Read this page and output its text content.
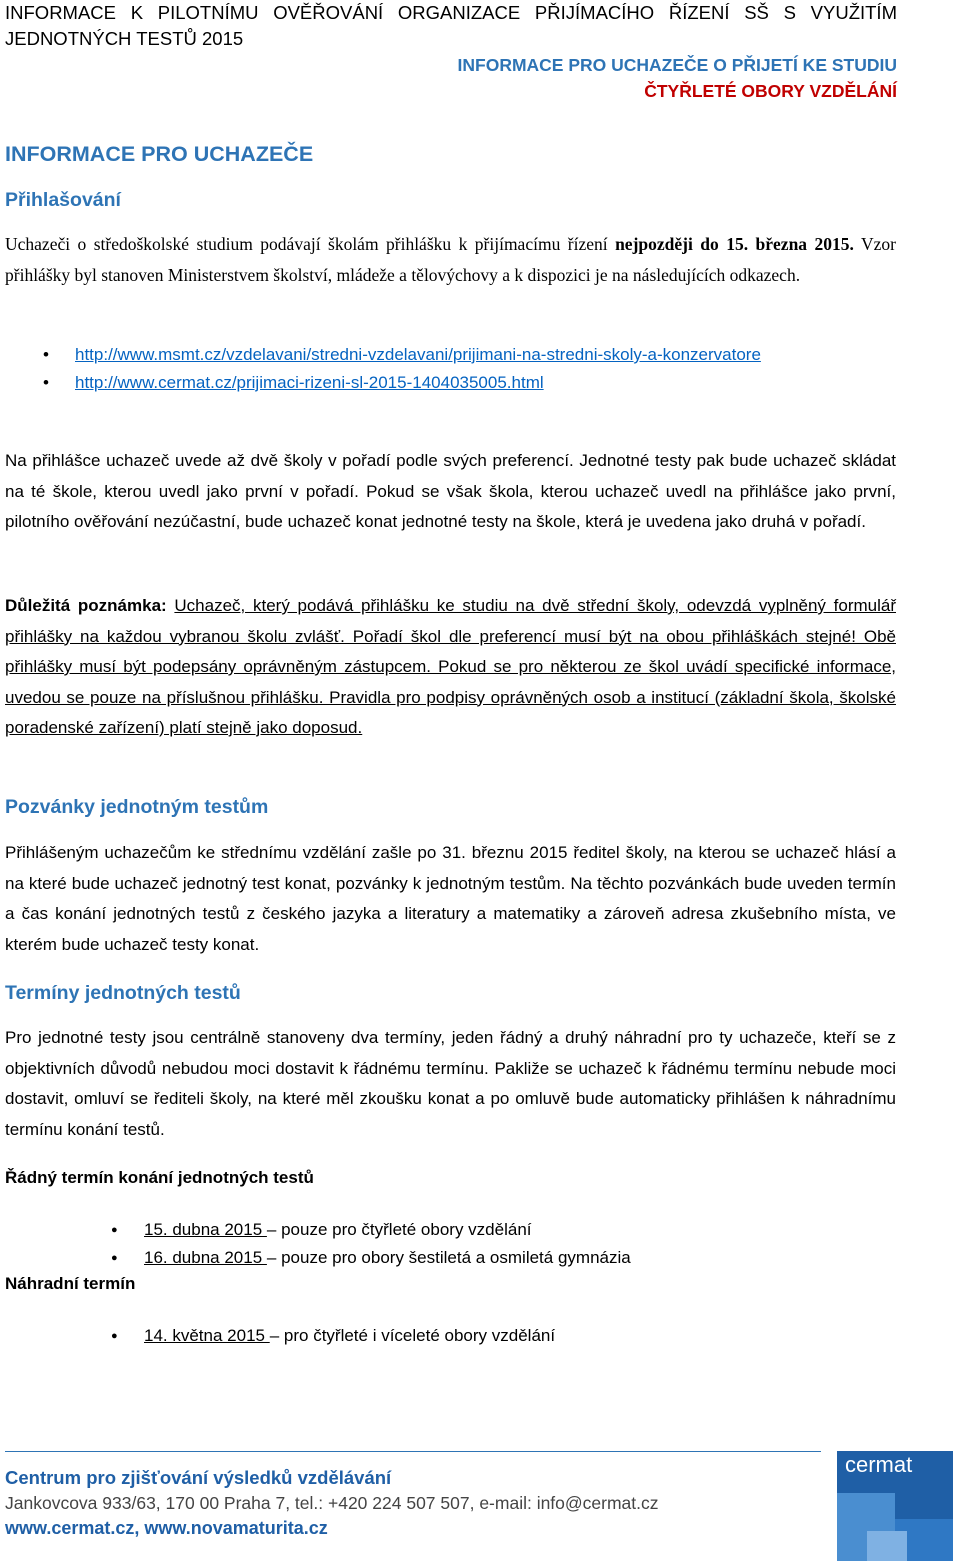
INFORMACE K PILOTNÍMU OVĚŘOVÁNÍ ORGANIZACE PŘIJÍMACÍHO ŘÍZENÍ SŠ S VYUŽITÍM
JEDNOTNÝCH TESTŮ 2015
INFORMACE PRO UCHAZEČE O PŘIJETÍ KE STUDIU
ČTYŘLETÉ OBORY VZDĚLÁNÍ
INFORMACE PRO UCHAZEČE
Přihlašování
Uchazeči o středoškolské studium podávají školám přihlášku k přijímacímu řízení nejpozději do 15. března 2015. Vzor přihlášky byl stanoven Ministerstvem školství, mládeže a tělovýchovy a k dispozici je na následujících odkazech.
• http://www.msmt.cz/vzdelavani/stredni-vzdelavani/prijimani-na-stredni-skoly-a-konzervatore
• http://www.cermat.cz/prijimaci-rizeni-sl-2015-1404035005.html
Na přihlášce uchazeč uvede až dvě školy v pořadí podle svých preferencí. Jednotné testy pak bude uchazeč skládat na té škole, kterou uvedl jako první v pořadí. Pokud se však škola, kterou uchazeč uvedl na přihlášce jako první, pilotního ověřování nezúčastní, bude uchazeč konat jednotné testy na škole, která je uvedena jako druhá v pořadí.
Důležitá poznámka: Uchazeč, který podává přihlášku ke studiu na dvě střední školy, odevzdá vyplněný formulář přihlášky na každou vybranou školu zvlášť. Pořadí škol dle preferencí musí být na obou přihláškách stejné! Obě přihlášky musí být podepsány oprávněným zástupcem. Pokud se pro některou ze škol uvádí specifické informace, uvedou se pouze na příslušnou přihlášku. Pravidla pro podpisy oprávněných osob a institucí (základní škola, školské poradenské zařízení) platí stejně jako doposud.
Pozvánky jednotným testům
Přihlášeným uchazečům ke střednímu vzdělání zašle po 31. březnu 2015 ředitel školy, na kterou se uchazeč hlásí a na které bude uchazeč jednotný test konat, pozvánky k jednotným testům. Na těchto pozvánkách bude uveden termín a čas konání jednotných testů z českého jazyka a literatury a matematiky a zároveň adresa zkušebního místa, ve kterém bude uchazeč testy konat.
Termíny jednotných testů
Pro jednotné testy jsou centrálně stanoveny dva termíny, jeden řádný a druhý náhradní pro ty uchazeče, kteří se z objektivních důvodů nebudou moci dostavit k řádnému termínu. Pakliže se uchazeč k řádnému termínu nebude moci dostavit, omluví se řediteli školy, na které měl zkoušku konat a po omluvě bude automaticky přihlášen k náhradnímu termínu konání testů.
Řádný termín konání jednotných testů
● 15. dubna 2015 – pouze pro čtyřleté obory vzdělání
● 16. dubna 2015 – pouze pro obory šestiletá a osmiletá gymnázia
Náhradní termín
● 14. května 2015 – pro čtyřleté i víceleté obory vzdělání
cermat
Centrum pro zjišťování výsledků vzdělávání
Jankovcova 933/63, 170 00 Praha 7, tel.: +420 224 507 507, e-mail: info@cermat.cz
www.cermat.cz, www.novamaturita.cz
